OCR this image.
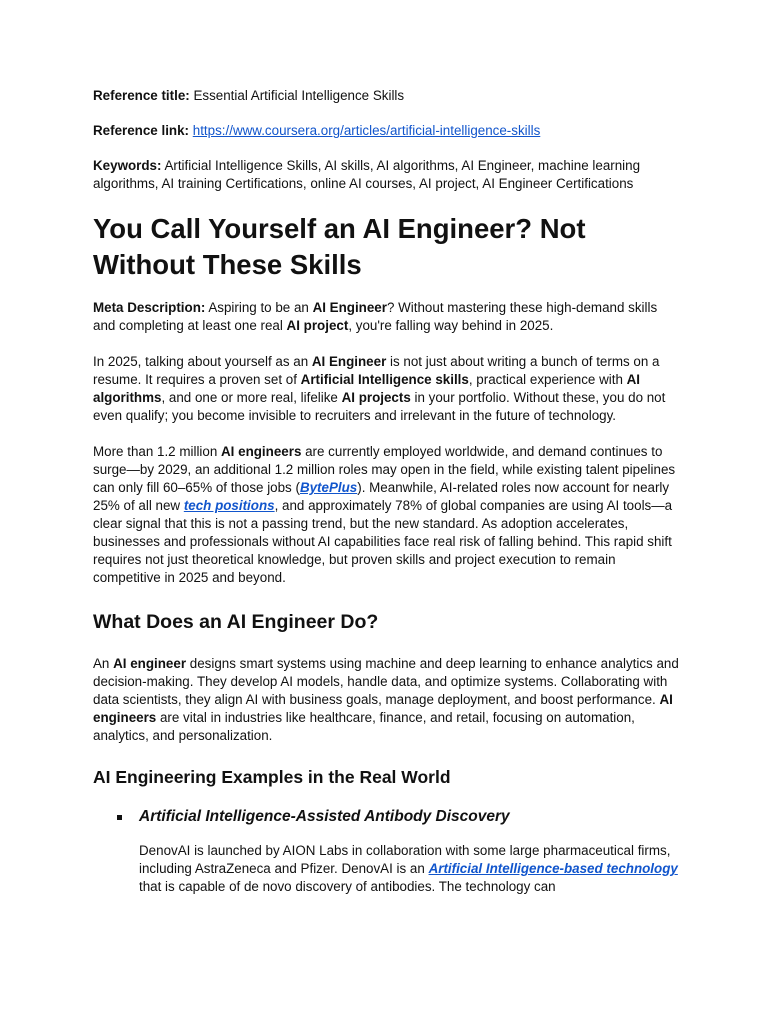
Reference title: Essential Artificial Intelligence Skills

Reference link: https://www.coursera.org/articles/artificial-intelligence-skills

Keywords: Artificial Intelligence Skills, AI skills, AI algorithms, AI Engineer, machine learning algorithms, AI training Certifications, online AI courses, AI project, AI Engineer Certifications

You Call Yourself an AI Engineer? Not Without These Skills

Meta Description: Aspiring to be an AI Engineer? Without mastering these high-demand skills and completing at least one real AI project, you're falling way behind in 2025.

In 2025, talking about yourself as an AI Engineer is not just about writing a bunch of terms on a resume. It requires a proven set of Artificial Intelligence skills, practical experience with AI algorithms, and one or more real, lifelike AI projects in your portfolio. Without these, you do not even qualify; you become invisible to recruiters and irrelevant in the future of technology.

More than 1.2 million AI engineers are currently employed worldwide, and demand continues to surge—by 2029, an additional 1.2 million roles may open in the field, while existing talent pipelines can only fill 60–65% of those jobs (BytePlus). Meanwhile, AI-related roles now account for nearly 25% of all new tech positions, and approximately 78% of global companies are using AI tools—a clear signal that this is not a passing trend, but the new standard. As adoption accelerates, businesses and professionals without AI capabilities face real risk of falling behind. This rapid shift requires not just theoretical knowledge, but proven skills and project execution to remain competitive in 2025 and beyond.

What Does an AI Engineer Do?

An AI engineer designs smart systems using machine and deep learning to enhance analytics and decision-making. They develop AI models, handle data, and optimize systems. Collaborating with data scientists, they align AI with business goals, manage deployment, and boost performance. AI engineers are vital in industries like healthcare, finance, and retail, focusing on automation, analytics, and personalization.

AI Engineering Examples in the Real World
Artificial Intelligence-Assisted Antibody Discovery

DenovAI is launched by AION Labs in collaboration with some large pharmaceutical firms, including AstraZeneca and Pfizer. DenovAI is an Artificial Intelligence-based technology that is capable of de novo discovery of antibodies. The technology can
